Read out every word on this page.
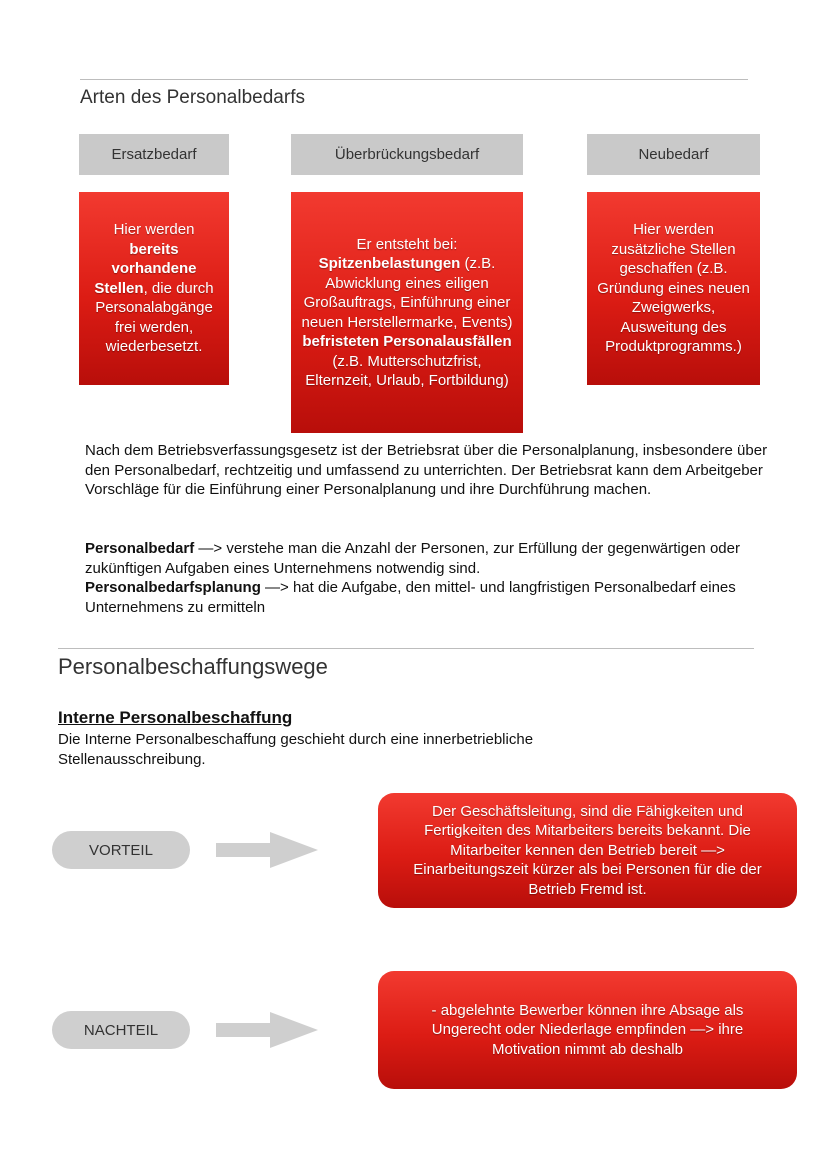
Arten des Personalbedarfs
Ersatzbedarf	Überbrückungsbedarf	Neubedarf
Hier werden bereits vorhandene Stellen, die durch Personalabgänge frei werden, wiederbesetzt.
Er entsteht bei:
Spitzenbelastungen (z.B. Abwicklung eines eiligen Großauftrags, Einführung einer neuen Herstellermarke, Events)
befristeten Personalausfällen (z.B. Mutterschutzfrist, Elternzeit, Urlaub, Fortbildung)
Hier werden zusätzliche Stellen geschaffen (z.B. Gründung eines neuen Zweigwerks, Ausweitung des Produktprogramms.)
Nach dem Betriebsverfassungsgesetz ist der Betriebsrat über die Personalplanung, insbesondere über den Personalbedarf, rechtzeitig und umfassend zu unterrichten. Der Betriebsrat kann dem Arbeitgeber Vorschläge für die Einführung einer Personalplanung und ihre Durchführung machen.
Personalbedarf —> verstehe man die Anzahl der Personen, zur Erfüllung der gegenwärtigen oder zukünftigen Aufgaben eines Unternehmens notwendig sind.
Personalbedarfsplanung —> hat die Aufgabe, den mittel- und langfristigen Personalbedarf eines Unternehmens zu ermitteln
Personalbeschaffungswege
Interne Personalbeschaffung
Die Interne Personalbeschaffung geschieht durch eine innerbetriebliche Stellenausschreibung.
VORTEIL
Der Geschäftsleitung, sind die Fähigkeiten und Fertigkeiten des Mitarbeiters bereits bekannt. Die Mitarbeiter kennen den Betrieb bereit —> Einarbeitungszeit kürzer als bei Personen für die der Betrieb Fremd ist.
NACHTEIL
- abgelehnte Bewerber können ihre Absage als Ungerecht oder Niederlage empfinden —> ihre Motivation nimmt ab deshalb
